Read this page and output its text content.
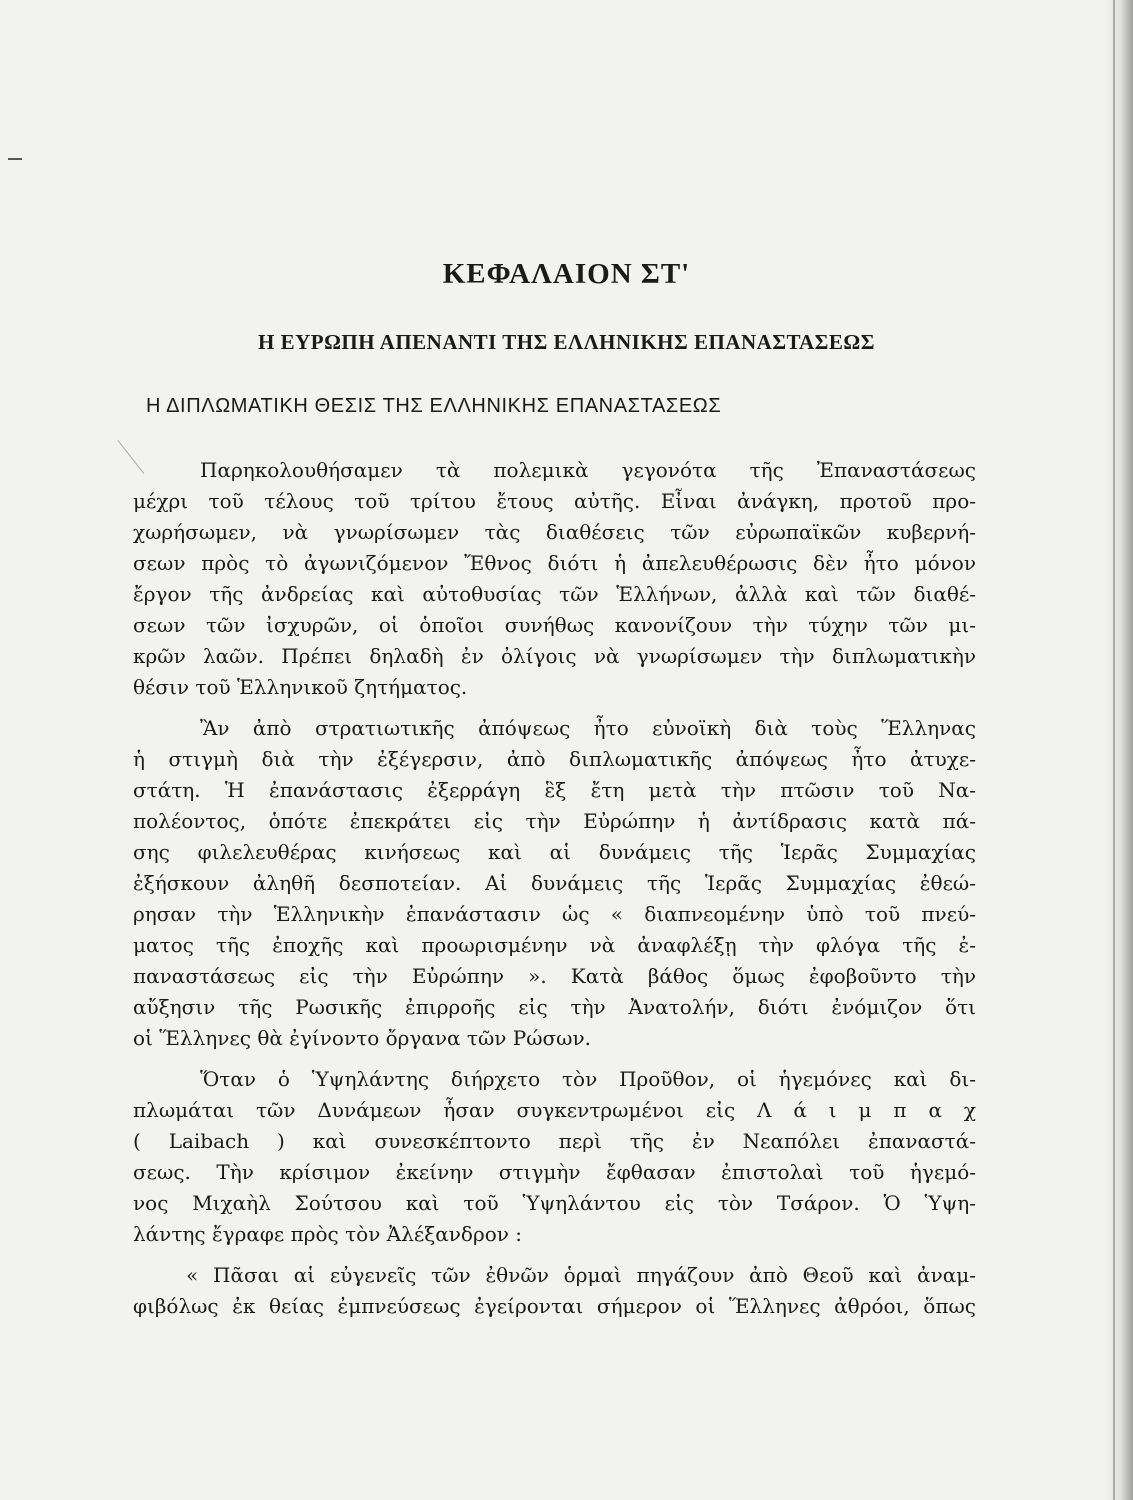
ΚΕΦΑΛΑΙΟΝ ΣΤ'
Η ΕΥΡΩΠΗ ΑΠΕΝΑΝΤΙ ΤΗΣ ΕΛΛΗΝΙΚΗΣ ΕΠΑΝΑΣΤΑΣΕΩΣ
Η ΔΙΠΛΩΜΑΤΙΚΗ ΘΕΣΙΣ ΤΗΣ ΕΛΛΗΝΙΚΗΣ ΕΠΑΝΑΣΤΑΣΕΩΣ
Παρηκολουθήσαμεν τὰ πολεμικὰ γεγονότα τῆς Ἐπαναστάσεως
μέχρι τοῦ τέλους τοῦ τρίτου ἔτους αὐτῆς. Εἶναι ἀνάγκη, προτοῦ προ-
χωρήσωμεν, νὰ γνωρίσωμεν τὰς διαθέσεις τῶν εὐρωπαϊκῶν κυβερνή-
σεων πρὸς τὸ ἀγωνιζόμενον Ἔθνος διότι ἡ ἀπελευθέρωσις δὲν ἦτο μόνον
ἔργον τῆς ἀνδρείας καὶ αὐτοθυσίας τῶν Ἑλλήνων, ἀλλὰ καὶ τῶν διαθέ-
σεων τῶν ἰσχυρῶν, οἱ ὁποῖοι συνήθως κανονίζουν τὴν τύχην τῶν μι-
κρῶν λαῶν. Πρέπει δηλαδὴ ἐν ὀλίγοις νὰ γνωρίσωμεν τὴν διπλωματικὴν
θέσιν τοῦ Ἑλληνικοῦ ζητήματος.
Ἂν ἀπὸ στρατιωτικῆς ἀπόψεως ἦτο εὐνοϊκὴ διὰ τοὺς Ἕλληνας
ἡ στιγμὴ διὰ τὴν ἐξέγερσιν, ἀπὸ διπλωματικῆς ἀπόψεως ἦτο ἀτυχε-
στάτη. Ἡ ἐπανάστασις ἐξερράγη ἓξ ἔτη μετὰ τὴν πτῶσιν τοῦ Να-
πολέοντος, ὁπότε ἐπεκράτει εἰς τὴν Εὐρώπην ἡ ἀντίδρασις κατὰ πά-
σης φιλελευθέρας κινήσεως καὶ αἱ δυνάμεις τῆς Ἱερᾶς Συμμαχίας
ἐξήσκουν ἀληθῆ δεσποτείαν. Αἱ δυνάμεις τῆς Ἱερᾶς Συμμαχίας ἐθεώ-
ρησαν τὴν Ἑλληνικὴν ἐπανάστασιν ὡς « διαπνεομένην ὑπὸ τοῦ πνεύ-
ματος τῆς ἐποχῆς καὶ προωρισμένην νὰ ἀναφλέξῃ τὴν φλόγα τῆς ἐ-
παναστάσεως εἰς τὴν Εὐρώπην ». Κατὰ βάθος ὅμως ἐφοβοῦντο τὴν
αὔξησιν τῆς Ρωσικῆς ἐπιρροῆς εἰς τὴν Ἀνατολήν, διότι ἐνόμιζον ὅτι
οἱ Ἕλληνες θὰ ἐγίνοντο ὄργανα τῶν Ρώσων.
Ὅταν ὁ Ὑψηλάντης διήρχετο τὸν Προῦθον, οἱ ἡγεμόνες καὶ δι-
πλωμάται τῶν Δυνάμεων ἦσαν συγκεντρωμένοι εἰς Λ ά ι μ π α χ
( Laibach ) καὶ συνεσκέπτοντο περὶ τῆς ἐν Νεαπόλει ἐπαναστά-
σεως. Τὴν κρίσιμον ἐκείνην στιγμὴν ἔφθασαν ἐπιστολαὶ τοῦ ἡγεμό-
νος Μιχαὴλ Σούτσου καὶ τοῦ Ὑψηλάντου εἰς τὸν Τσάρον. Ὁ Ὑψη-
λάντης ἔγραφε πρὸς τὸν Ἀλέξανδρον :
« Πᾶσαι αἱ εὐγενεῖς τῶν ἐθνῶν ὁρμαὶ πηγάζουν ἀπὸ Θεοῦ καὶ ἀναμ-
φιβόλως ἐκ θείας ἐμπνεύσεως ἐγείρονται σήμερον οἱ Ἕλληνες ἀθρόοι, ὅπως
